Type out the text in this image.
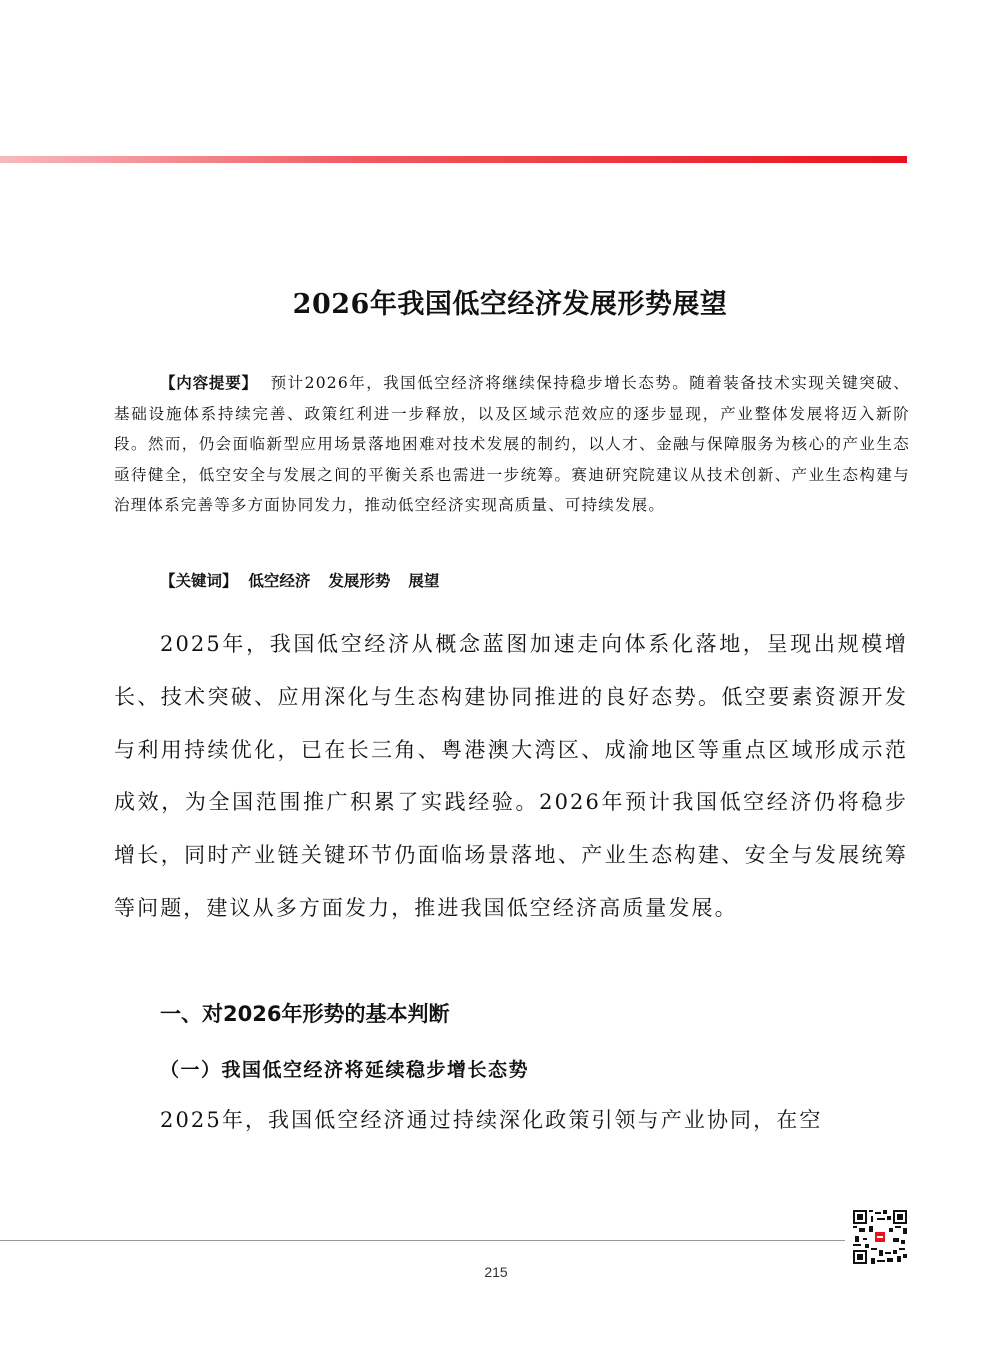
2026年我国低空经济发展形势展望

【内容提要】 预计2026年，我国低空经济将继续保持稳步增长态势。随着装备技术实现关键突破、基础设施体系持续完善、政策红利进一步释放，以及区域示范效应的逐步显现，产业整体发展将迈入新阶段。然而，仍会面临新型应用场景落地困难对技术发展的制约，以人才、金融与保障服务为核心的产业生态亟待健全，低空安全与发展之间的平衡关系也需进一步统筹。赛迪研究院建议从技术创新、产业生态构建与治理体系完善等多方面协同发力，推动低空经济实现高质量、可持续发展。

【关键词】 低空经济 发展形势 展望

2025年，我国低空经济从概念蓝图加速走向体系化落地，呈现出规模增长、技术突破、应用深化与生态构建协同推进的良好态势。低空要素资源开发与利用持续优化，已在长三角、粤港澳大湾区、成渝地区等重点区域形成示范成效，为全国范围推广积累了实践经验。2026年预计我国低空经济仍将稳步增长，同时产业链关键环节仍面临场景落地、产业生态构建、安全与发展统筹等问题，建议从多方面发力，推进我国低空经济高质量发展。

一、对2026年形势的基本判断
（一）我国低空经济将延续稳步增长态势

2025年，我国低空经济通过持续深化政策引领与产业协同，在空

215
